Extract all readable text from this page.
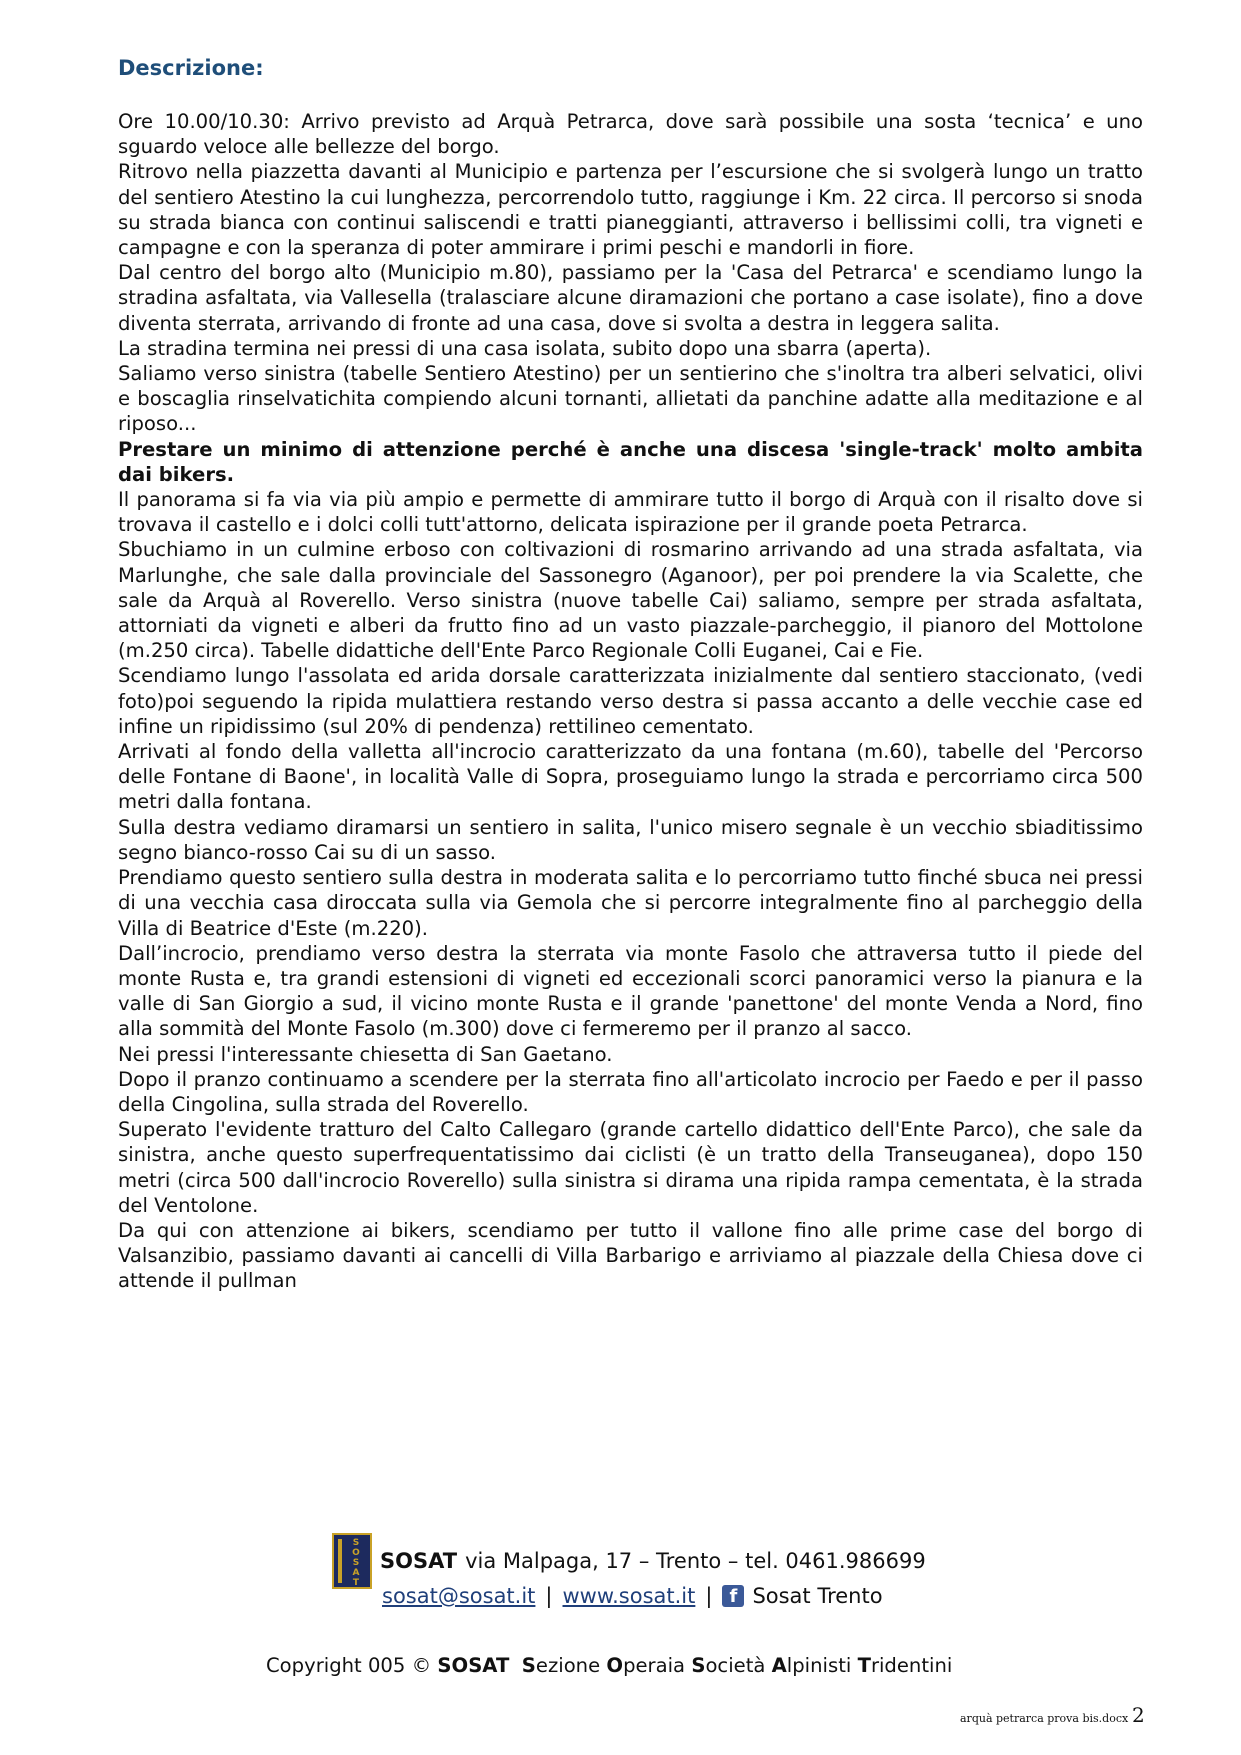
Descrizione:

Ore 10.00/10.30: Arrivo previsto ad Arquà Petrarca, dove sarà possibile una sosta ‘tecnica’ e uno sguardo veloce alle bellezze del borgo.

Ritrovo nella piazzetta davanti al Municipio e partenza per l’escursione che si svolgerà lungo un tratto del sentiero Atestino la cui lunghezza, percorrendolo tutto, raggiunge i Km. 22 circa. Il percorso si snoda su strada bianca con continui saliscendi e tratti pianeggianti, attraverso i bellissimi colli, tra vigneti e campagne e con la speranza di poter ammirare i primi peschi e mandorli in fiore.

Dal centro del borgo alto (Municipio m.80), passiamo per la 'Casa del Petrarca' e scendiamo lungo la stradina asfaltata, via Vallesella (tralasciare alcune diramazioni che portano a case isolate), fino a dove diventa sterrata, arrivando di fronte ad una casa, dove si svolta a destra in leggera salita.

La stradina termina nei pressi di una casa isolata, subito dopo una sbarra (aperta).

Saliamo verso sinistra (tabelle Sentiero Atestino) per un sentierino che s'inoltra tra alberi selvatici, olivi e boscaglia rinselvatichita compiendo alcuni tornanti, allietati da panchine adatte alla meditazione e al riposo...

Prestare un minimo di attenzione perché è anche una discesa 'single-track' molto ambita dai bikers.

Il panorama si fa via via più ampio e permette di ammirare tutto il borgo di Arquà con il risalto dove si trovava il castello e i dolci colli tutt'attorno, delicata ispirazione per il grande poeta Petrarca.

Sbuchiamo in un culmine erboso con coltivazioni di rosmarino arrivando ad una strada asfaltata, via Marlunghe, che sale dalla provinciale del Sassonegro (Aganoor), per poi prendere la via Scalette, che sale da Arquà al Roverello. Verso sinistra (nuove tabelle Cai) saliamo, sempre per strada asfaltata, attorniati da vigneti e alberi da frutto fino ad un vasto piazzale-parcheggio, il pianoro del Mottolone (m.250 circa). Tabelle didattiche dell'Ente Parco Regionale Colli Euganei, Cai e Fie.

Scendiamo lungo l'assolata ed arida dorsale caratterizzata inizialmente dal sentiero staccionato, (vedi foto)poi seguendo la ripida mulattiera restando verso destra si passa accanto a delle vecchie case ed infine un ripidissimo (sul 20% di pendenza) rettilineo cementato.

Arrivati al fondo della valletta all'incrocio caratterizzato da una fontana (m.60), tabelle del 'Percorso delle Fontane di Baone', in località Valle di Sopra, proseguiamo lungo la strada e percorriamo circa 500 metri dalla fontana.

Sulla destra vediamo diramarsi un sentiero in salita, l'unico misero segnale è un vecchio sbiaditissimo segno bianco-rosso Cai su di un sasso.

Prendiamo questo sentiero sulla destra in moderata salita e lo percorriamo tutto finché sbuca nei pressi di una vecchia casa diroccata sulla via Gemola che si percorre integralmente fino al parcheggio della Villa di Beatrice d'Este (m.220).

Dall’incrocio, prendiamo verso destra la sterrata via monte Fasolo che attraversa tutto il piede del monte Rusta e, tra grandi estensioni di vigneti ed eccezionali scorci panoramici verso la pianura e la valle di San Giorgio a sud, il vicino monte Rusta e il grande 'panettone' del monte Venda a Nord, fino alla sommità del Monte Fasolo (m.300) dove ci fermeremo per il pranzo al sacco.

Nei pressi l'interessante chiesetta di San Gaetano.

Dopo il pranzo continuamo a scendere per la sterrata fino all'articolato incrocio per Faedo e per il passo della Cingolina, sulla strada del Roverello.

Superato l'evidente tratturo del Calto Callegaro (grande cartello didattico dell'Ente Parco), che sale da sinistra, anche questo superfrequentatissimo dai ciclisti (è un tratto della Transeuganea), dopo 150 metri (circa 500 dall'incrocio Roverello) sulla sinistra si dirama una ripida rampa cementata, è la strada del Ventolone.

Da qui con attenzione ai bikers, scendiamo per tutto il vallone fino alle prime case del borgo di Valsanzibio, passiamo davanti ai cancelli di Villa Barbarigo e arriviamo al piazzale della Chiesa dove ci attende il pullman

S
O
S
A
T
SOSAT via Malpaga, 17 – Trento – tel. 0461.986699
sosat@sosat.it | www.sosat.it | f Sosat Trento
Copyright 005 © SOSAT Sezione Operaia Società Alpinisti Tridentini
arquà petrarca prova bis.docx 2
